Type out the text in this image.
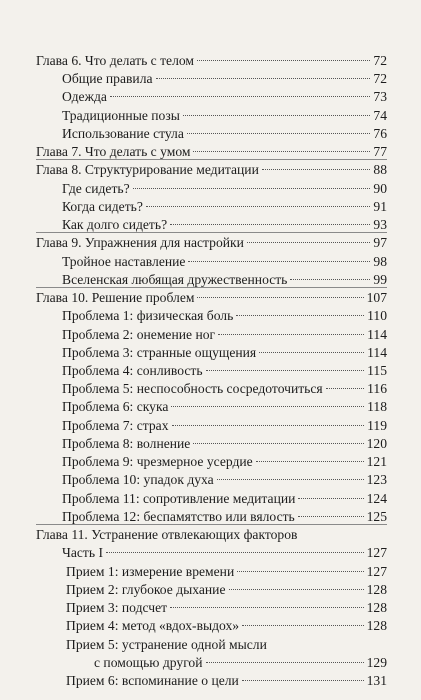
Глава 6. Что делать с телом	72
Общие правила	72
Одежда	73
Традиционные позы	74
Использование стула	76
Глава 7. Что делать с умом	77
Глава 8. Структурирование медитации	88
Где сидеть?	90
Когда сидеть?	91
Как долго сидеть?	93
Глава 9. Упражнения для настройки	97
Тройное наставление	98
Вселенская любящая дружественность	99
Глава 10. Решение проблем	107
Проблема 1: физическая боль	110
Проблема 2: онемение ног	114
Проблема 3: странные ощущения	114
Проблема 4: сонливость	115
Проблема 5: неспособность сосредоточиться	116
Проблема 6: скука	118
Проблема 7: страх	119
Проблема 8: волнение	120
Проблема 9: чрезмерное усердие	121
Проблема 10: упадок духа	123
Проблема 11: сопротивление медитации	124
Проблема 12: беспамятство или вялость	125
Глава 11. Устранение отвлекающих факторов
Часть I	127
Прием 1: измерение времени	127
Прием 2: глубокое дыхание	128
Прием 3: подсчет	128
Прием 4: метод «вдох-выдох»	128
Прием 5: устранение одной мысли
с помощью другой	129
Прием 6: вспоминание о цели	131
